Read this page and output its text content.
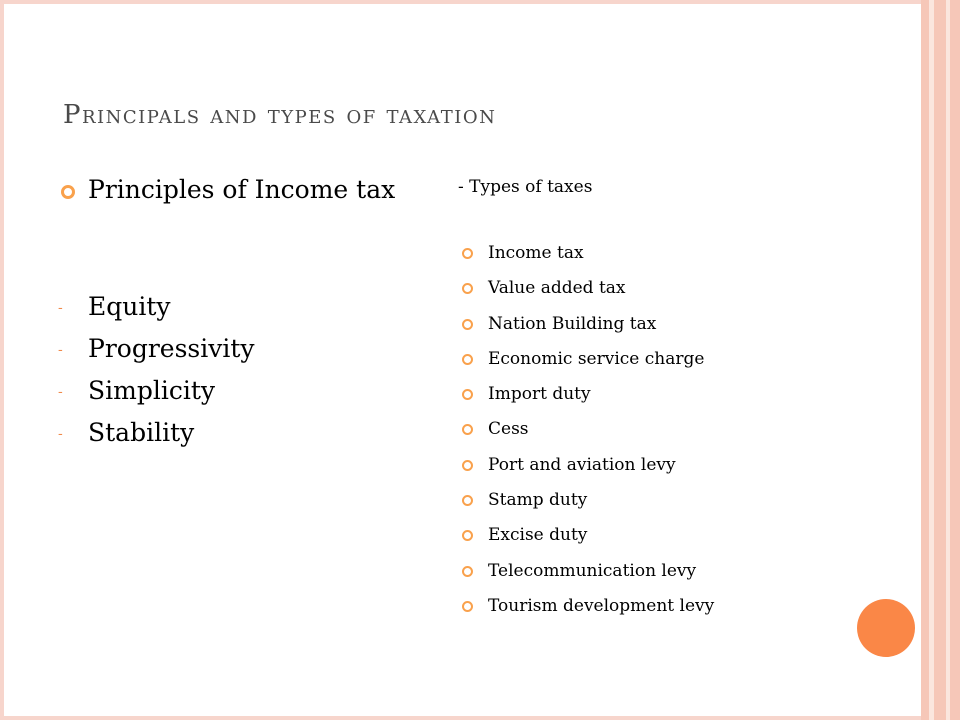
Principals and types of taxation
Principles of Income tax
- Equity
- Progressivity
- Simplicity
- Stability
- Types of taxes
Income tax
Value added tax
Nation Building tax
Economic service charge
Import duty
Cess
Port and aviation levy
Stamp duty
Excise duty
Telecommunication levy
Tourism development levy
